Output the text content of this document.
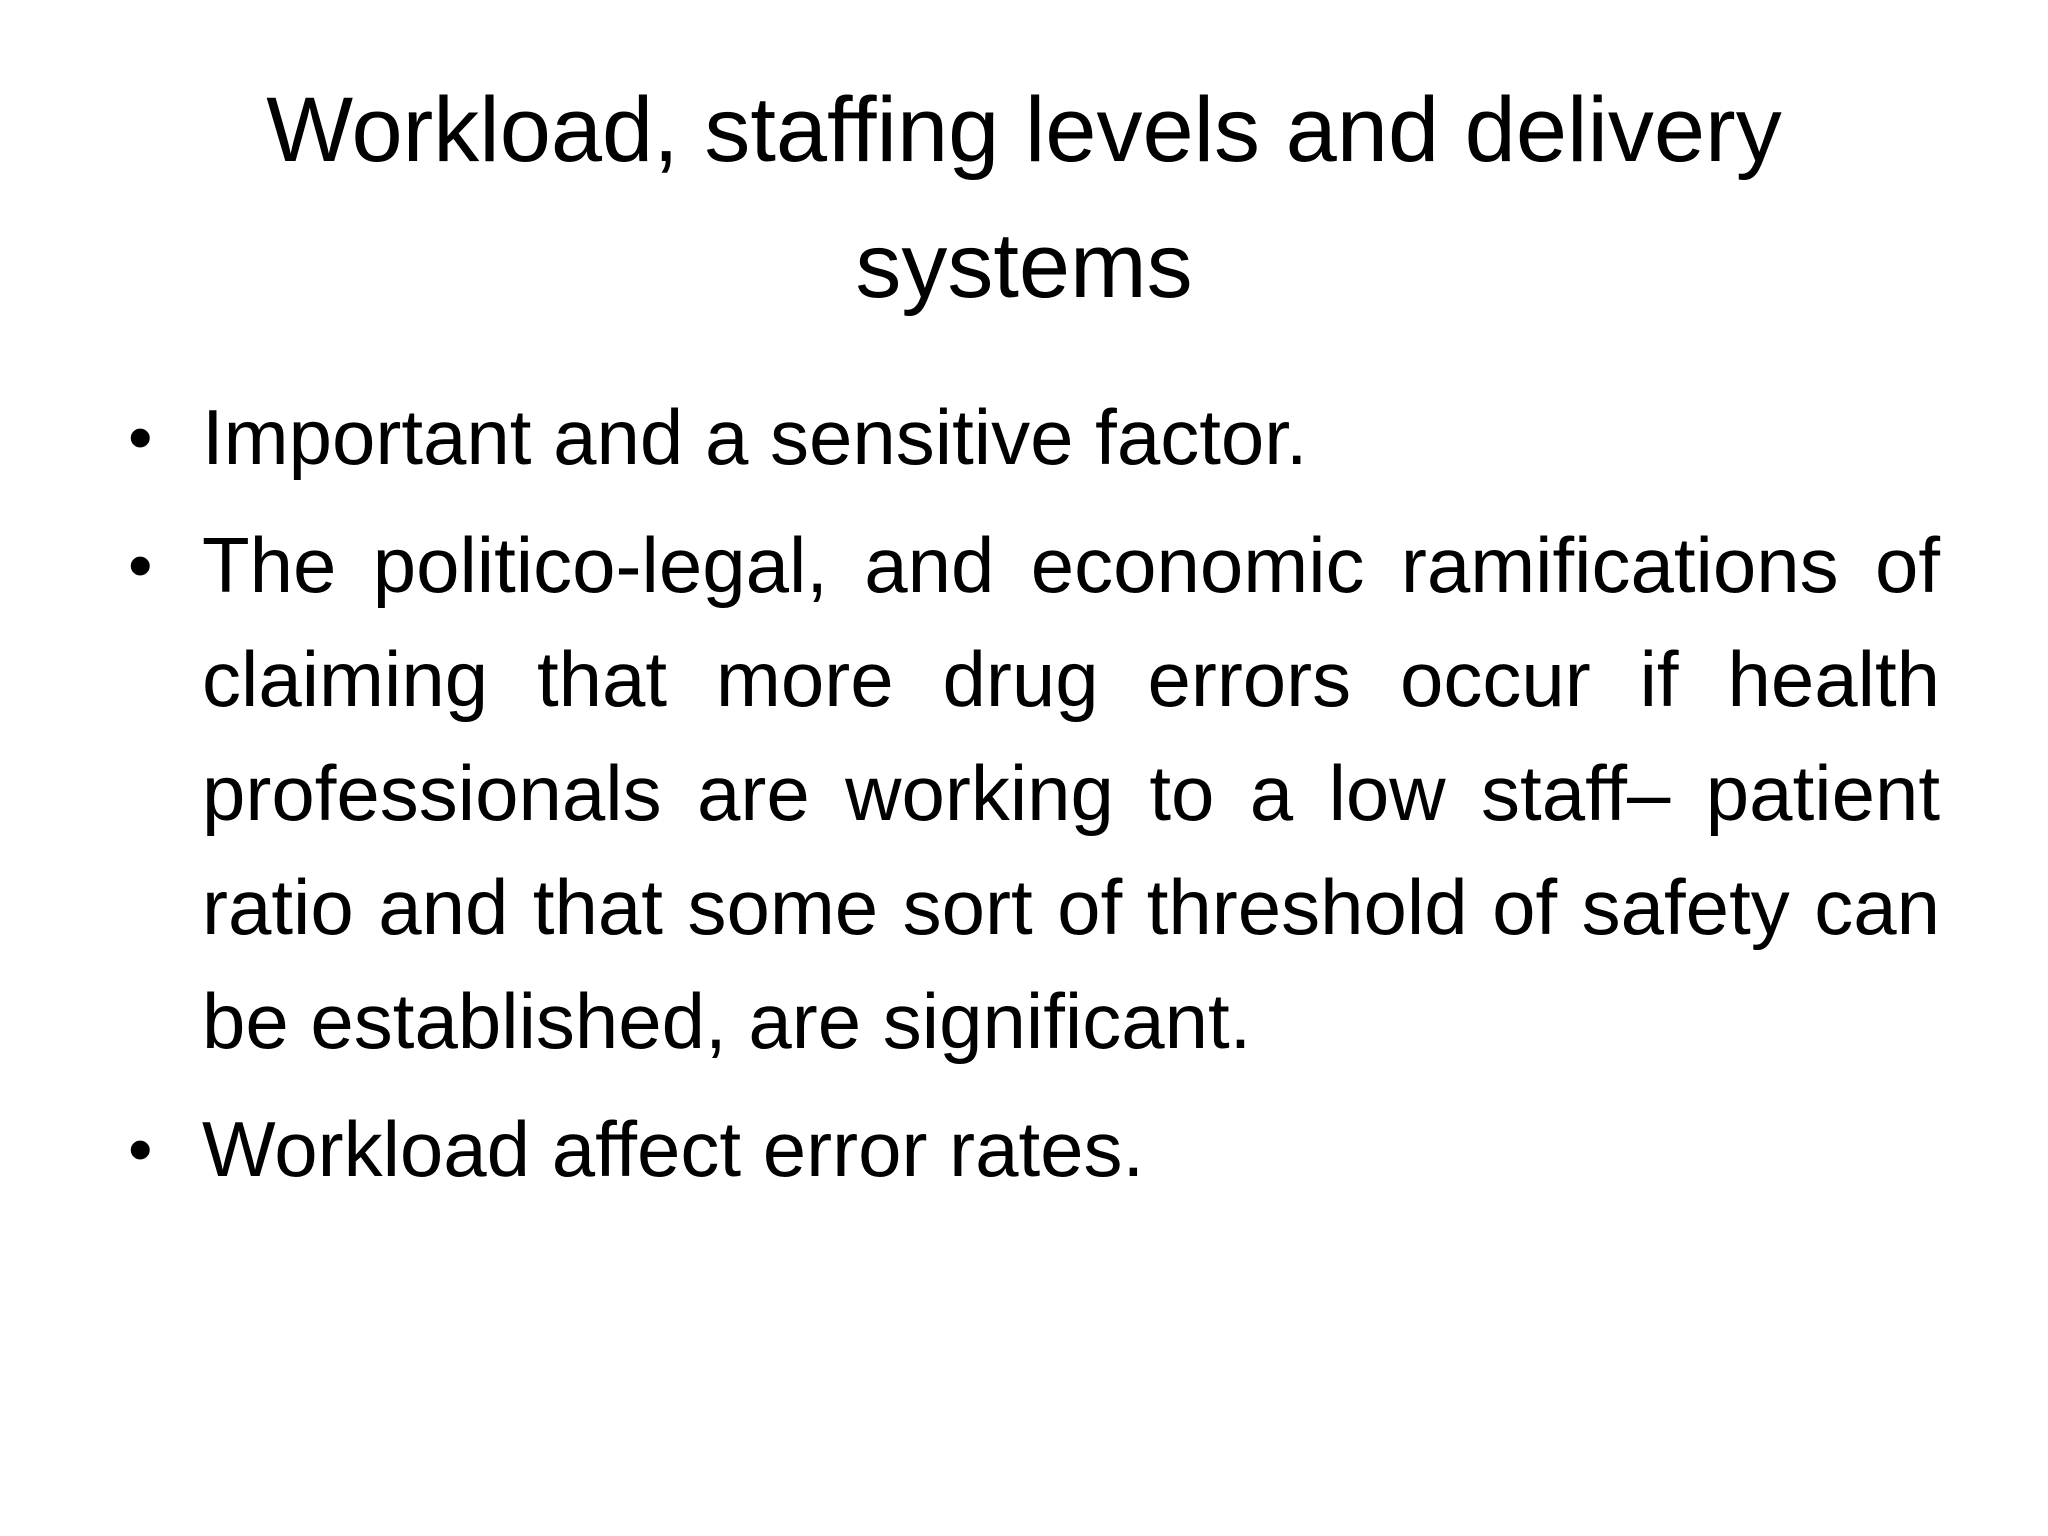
Workload, staffing levels and delivery systems
• Important and a sensitive factor.
• The politico-legal, and economic ramifications of claiming that more drug errors occur if health professionals are working to a low staff– patient ratio and that some sort of threshold of safety can be established, are significant.
• Workload affect error rates.
